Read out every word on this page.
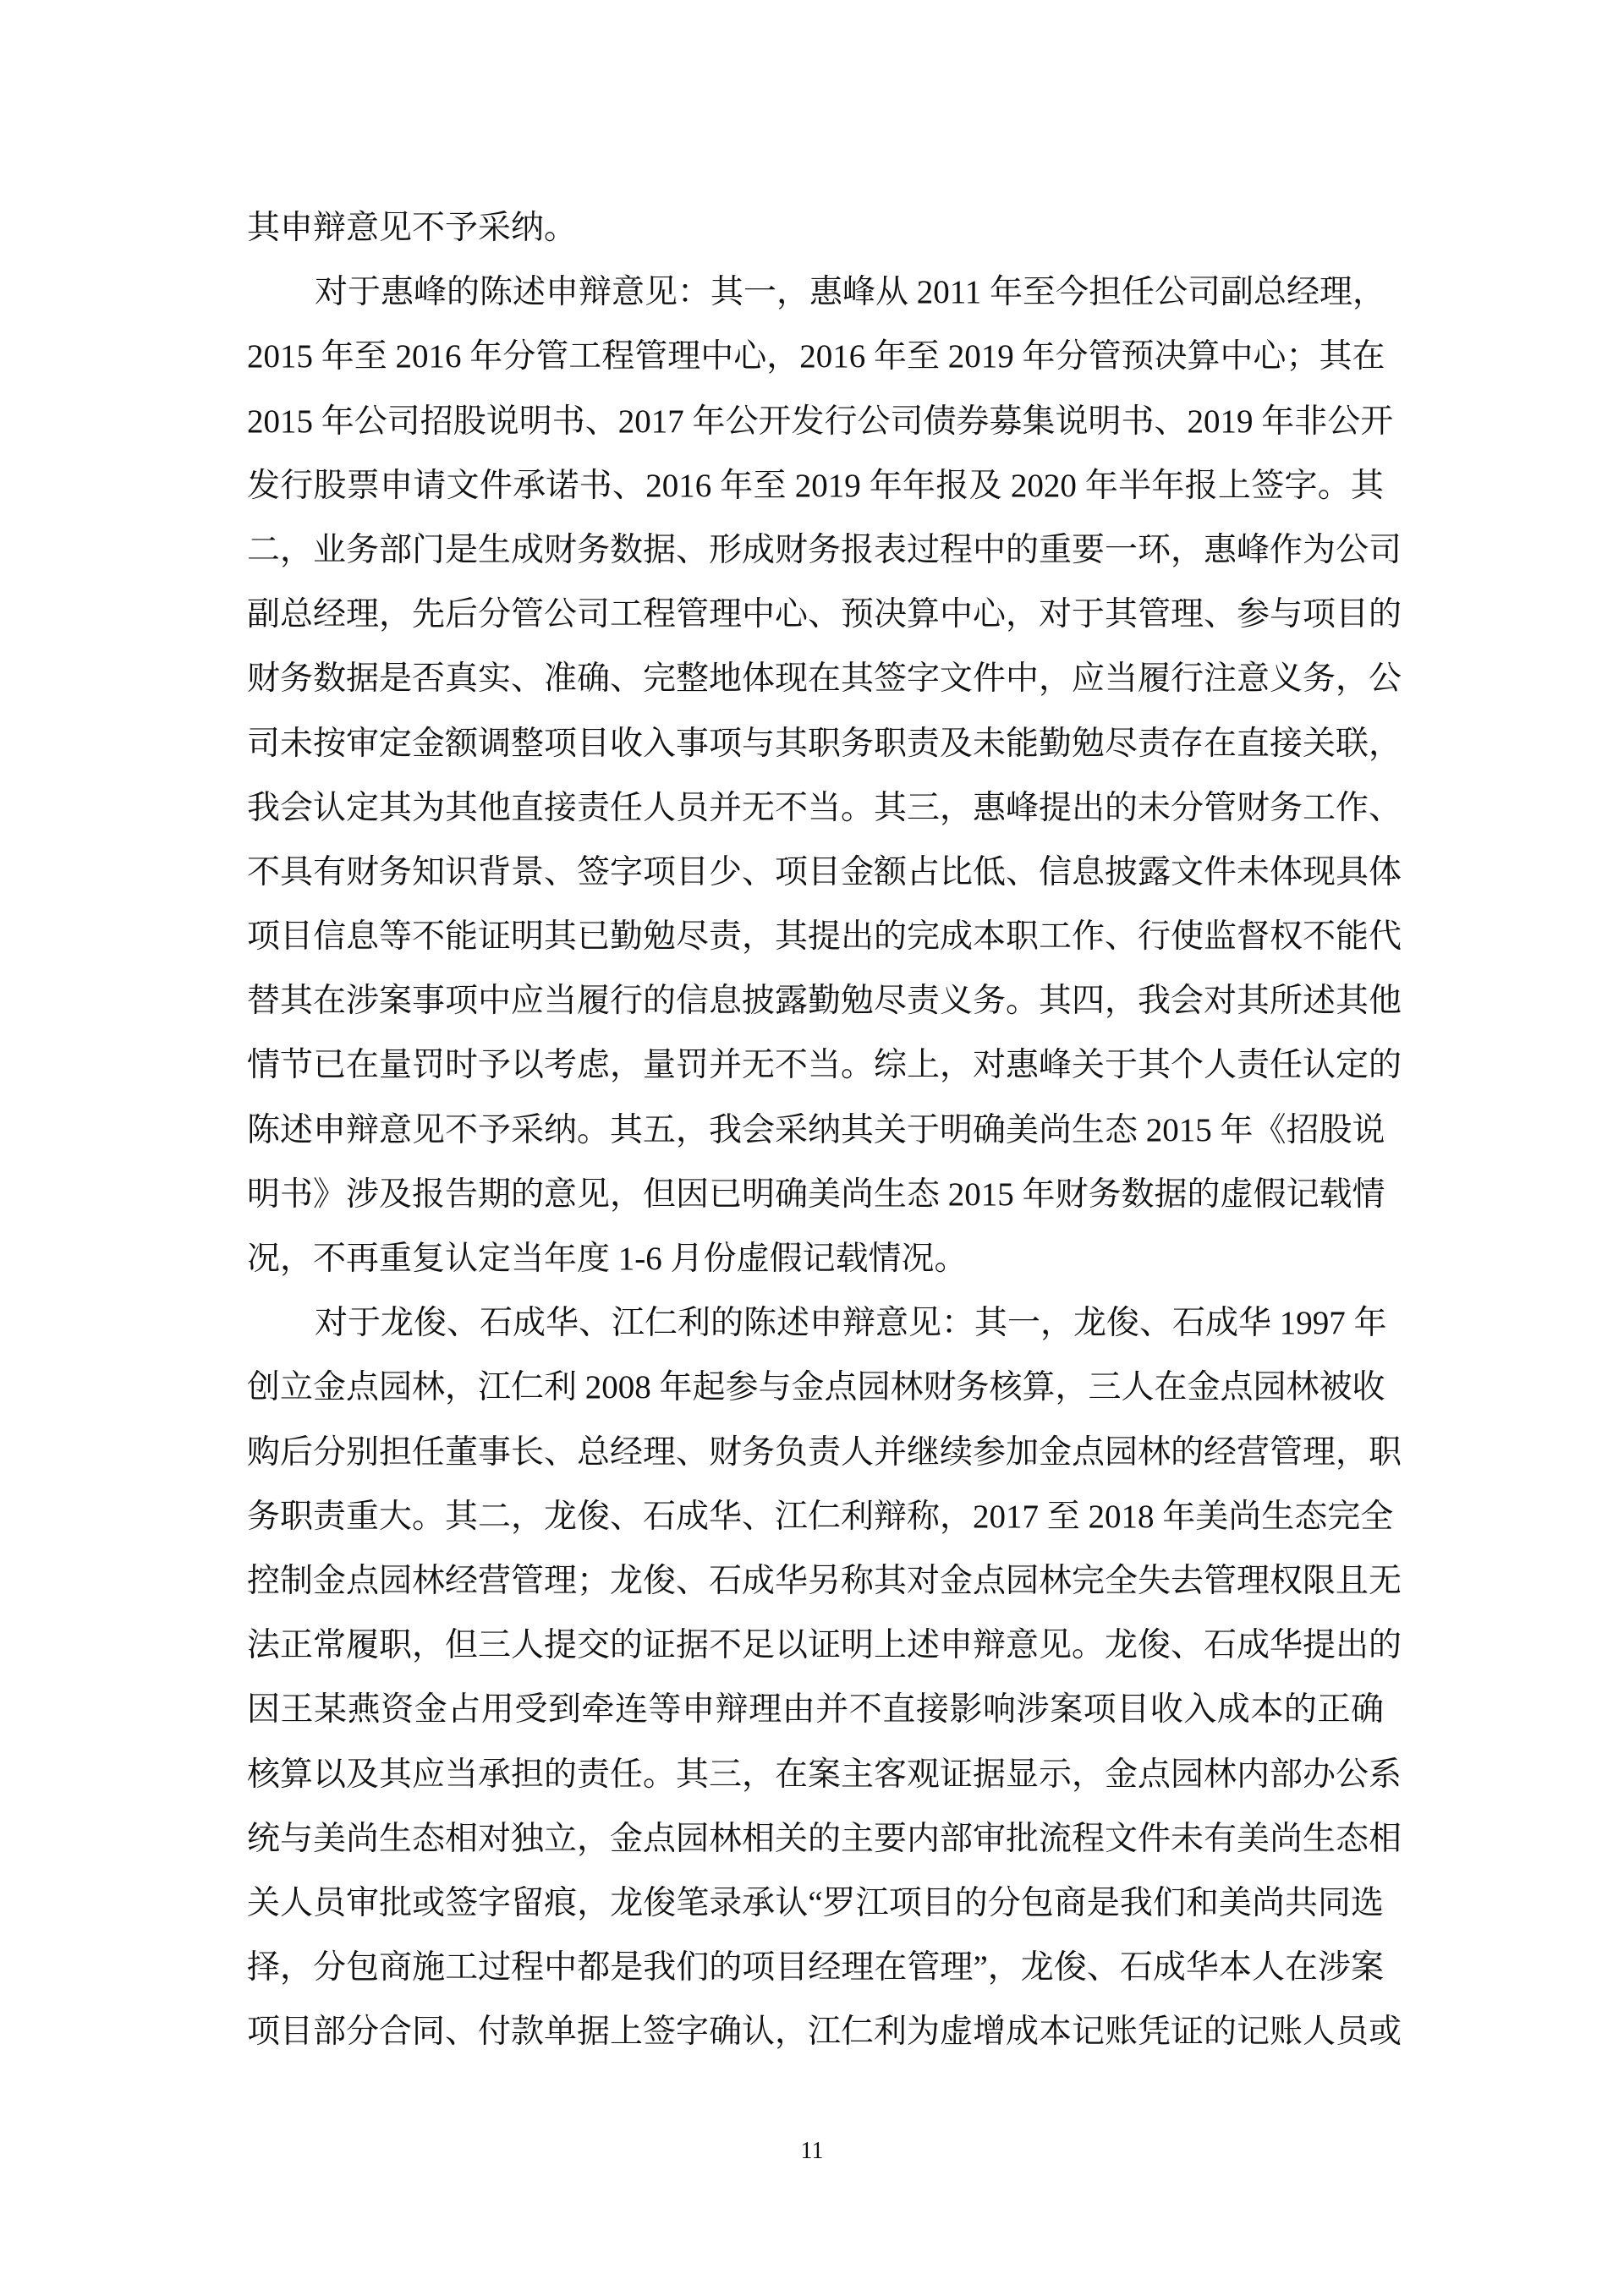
其申辩意见不予采纳。
对于惠峰的陈述申辩意见：其一，惠峰从 2011 年至今担任公司副总经理，
2015 年至 2016 年分管工程管理中心，2016 年至 2019 年分管预决算中心；其在
2015 年公司招股说明书、2017 年公开发行公司债券募集说明书、2019 年非公开
发行股票申请文件承诺书、2016 年至 2019 年年报及 2020 年半年报上签字。其
二，业务部门是生成财务数据、形成财务报表过程中的重要一环，惠峰作为公司
副总经理，先后分管公司工程管理中心、预决算中心，对于其管理、参与项目的
财务数据是否真实、准确、完整地体现在其签字文件中，应当履行注意义务，公
司未按审定金额调整项目收入事项与其职务职责及未能勤勉尽责存在直接关联，
我会认定其为其他直接责任人员并无不当。其三，惠峰提出的未分管财务工作、
不具有财务知识背景、签字项目少、项目金额占比低、信息披露文件未体现具体
项目信息等不能证明其已勤勉尽责，其提出的完成本职工作、行使监督权不能代
替其在涉案事项中应当履行的信息披露勤勉尽责义务。其四，我会对其所述其他
情节已在量罚时予以考虑，量罚并无不当。综上，对惠峰关于其个人责任认定的
陈述申辩意见不予采纳。其五，我会采纳其关于明确美尚生态 2015 年《招股说
明书》涉及报告期的意见，但因已明确美尚生态 2015 年财务数据的虚假记载情
况，不再重复认定当年度 1-6 月份虚假记载情况。
对于龙俊、石成华、江仁利的陈述申辩意见：其一，龙俊、石成华 1997 年
创立金点园林，江仁利 2008 年起参与金点园林财务核算，三人在金点园林被收
购后分别担任董事长、总经理、财务负责人并继续参加金点园林的经营管理，职
务职责重大。其二，龙俊、石成华、江仁利辩称，2017 至 2018 年美尚生态完全
控制金点园林经营管理；龙俊、石成华另称其对金点园林完全失去管理权限且无
法正常履职，但三人提交的证据不足以证明上述申辩意见。龙俊、石成华提出的
因王某燕资金占用受到牵连等申辩理由并不直接影响涉案项目收入成本的正确
核算以及其应当承担的责任。其三，在案主客观证据显示，金点园林内部办公系
统与美尚生态相对独立，金点园林相关的主要内部审批流程文件未有美尚生态相
关人员审批或签字留痕，龙俊笔录承认“罗江项目的分包商是我们和美尚共同选
择，分包商施工过程中都是我们的项目经理在管理”，龙俊、石成华本人在涉案
项目部分合同、付款单据上签字确认，江仁利为虚增成本记账凭证的记账人员或
11
